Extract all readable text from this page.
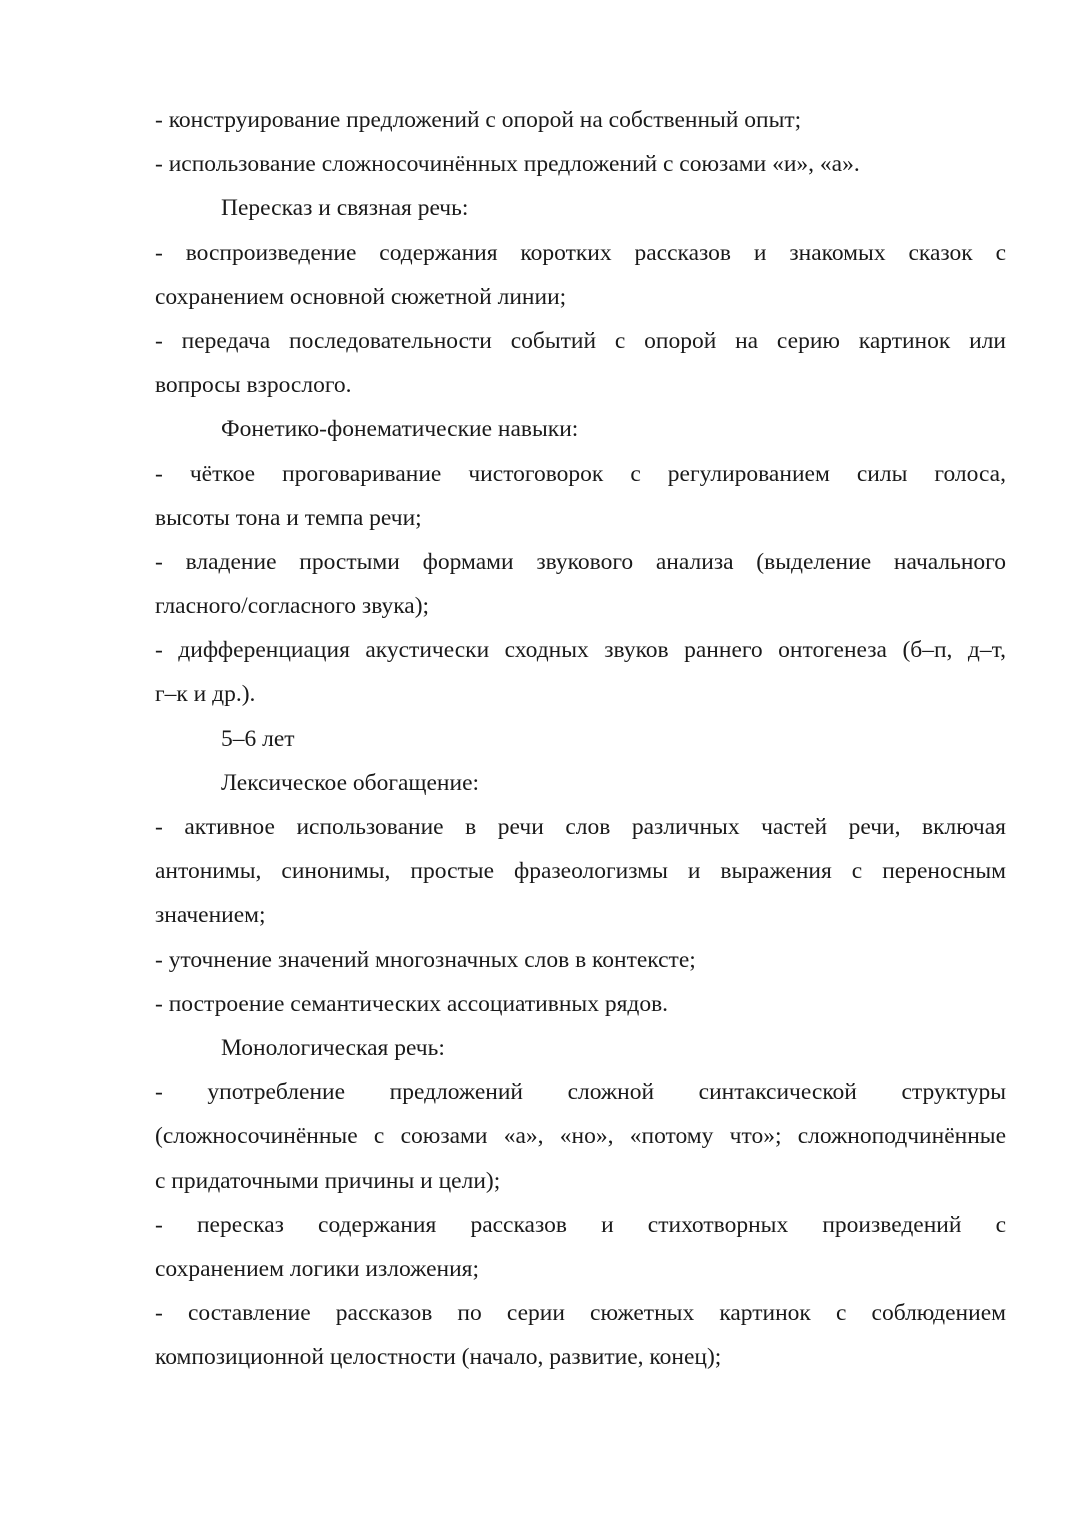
- конструирование предложений с опорой на собственный опыт;
- использование сложносочинённых предложений с союзами «и», «а».
Пересказ и связная речь:
- воспроизведение содержания коротких рассказов и знакомых сказок с
сохранением основной сюжетной линии;
- передача последовательности событий с опорой на серию картинок или
вопросы взрослого.
Фонетико-фонематические навыки:
- чёткое проговаривание чистоговорок с регулированием силы голоса,
высоты тона и темпа речи;
- владение простыми формами звукового анализа (выделение начального
гласного/согласного звука);
- дифференциация акустически сходных звуков раннего онтогенеза (б–п, д–т,
г–к и др.).
5–6 лет
Лексическое обогащение:
- активное использование в речи слов различных частей речи, включая
антонимы, синонимы, простые фразеологизмы и выражения с переносным
значением;
- уточнение значений многозначных слов в контексте;
- построение семантических ассоциативных рядов.
Монологическая речь:
- употребление предложений сложной синтаксической структуры
(сложносочинённые с союзами «а», «но», «потому что»; сложноподчинённые
с придаточными причины и цели);
- пересказ содержания рассказов и стихотворных произведений с
сохранением логики изложения;
- составление рассказов по серии сюжетных картинок с соблюдением
композиционной целостности (начало, развитие, конец);
